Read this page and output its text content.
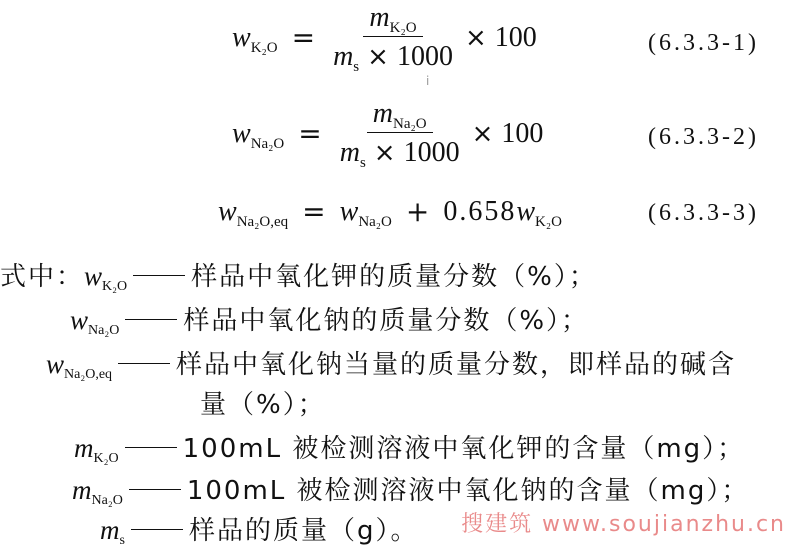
w $K_2O = \frac{m_{K_2O}}{m_s \times 1000} \times 100$	(6.3.3-1)
w $Na_2O = \frac{m_{Na_2O}}{m_s \times 1000} \times 100$	(6.3.3-2)
w Na₂O,eq = w Na₂O + 0.658 w K₂O	(6.3.3-3)
i
式中： w K₂O 样品中氧化钾的质量分数（%）；
w Na₂O 样品中氧化钠的质量分数（%）；
w Na₂O,eq 样品中氧化钠当量的质量分数，即样品的碱含
量（%）；
m K₂O 100mL 被检测溶液中氧化钾的含量（mg）；
m Na₂O 100mL 被检测溶液中氧化钠的含量（mg）；
m s 样品的质量（g）。 搜建筑 www.soujianzhu.cn
